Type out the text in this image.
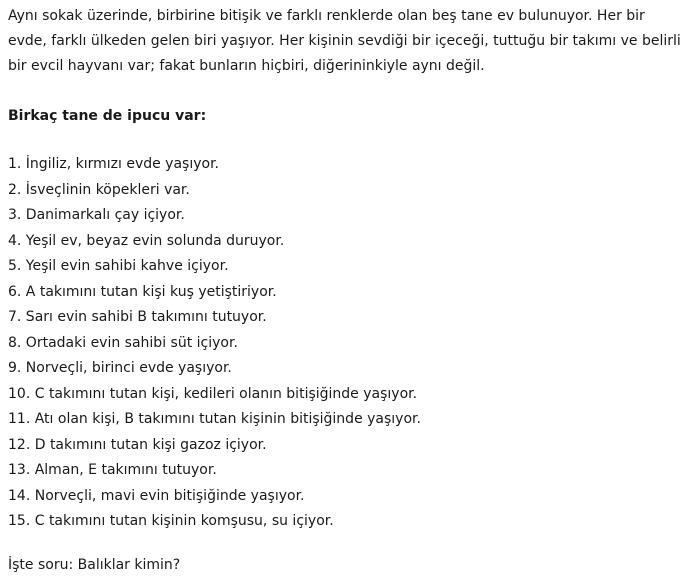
Aynı sokak üzerinde, birbirine bitişik ve farklı renklerde olan beş tane ev bulunuyor. Her bir evde, farklı ülkeden gelen biri yaşıyor. Her kişinin sevdiği bir içeceği, tuttuğu bir takımı ve belirli bir evcil hayvanı var; fakat bunların hiçbiri, diğerininkiyle aynı değil.

Birkaç tane de ipucu var:

1. İngiliz, kırmızı evde yaşıyor.
2. İsveçlinin köpekleri var.
3. Danimarkalı çay içiyor.
4. Yeşil ev, beyaz evin solunda duruyor.
5. Yeşil evin sahibi kahve içiyor.
6. A takımını tutan kişi kuş yetiştiriyor.
7. Sarı evin sahibi B takımını tutuyor.
8. Ortadaki evin sahibi süt içiyor.
9. Norveçli, birinci evde yaşıyor.
10. C takımını tutan kişi, kedileri olanın bitişiğinde yaşıyor.
11. Atı olan kişi, B takımını tutan kişinin bitişiğinde yaşıyor.
12. D takımını tutan kişi gazoz içiyor.
13. Alman, E takımını tutuyor.
14. Norveçli, mavi evin bitişiğinde yaşıyor.
15. C takımını tutan kişinin komşusu, su içiyor.

İşte soru: Balıklar kimin?
